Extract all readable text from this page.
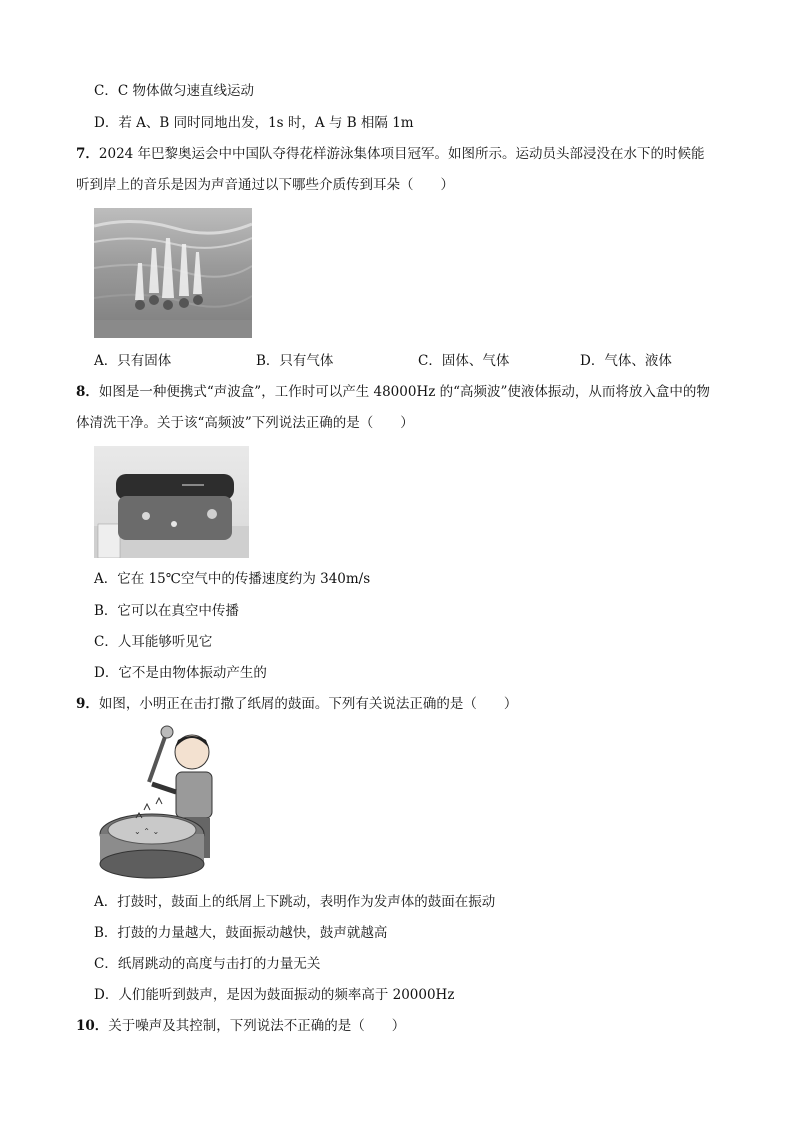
C．C 物体做匀速直线运动
D．若 A、B 同时同地出发，1s 时，A 与 B 相隔 1m
7．2024 年巴黎奥运会中中国队夺得花样游泳集体项目冠军。如图所示。运动员头部浸没在水下的时候能
听到岸上的音乐是因为声音通过以下哪些介质传到耳朵（　　）
A．只有固体	B．只有气体	C．固体、气体	D．气体、液体
8．如图是一种便携式“声波盒”，工作时可以产生 48000Hz 的“高频波”使液体振动，从而将放入盒中的物
体清洗干净。关于该“高频波”下列说法正确的是（　　）
A．它在 15℃空气中的传播速度约为 340m/s
B．它可以在真空中传播
C．人耳能够听见它
D．它不是由物体振动产生的
9．如图，小明正在击打撒了纸屑的鼓面。下列有关说法正确的是（　　）
⌄ ⌃ ⌄
A．打鼓时，鼓面上的纸屑上下跳动，表明作为发声体的鼓面在振动
B．打鼓的力量越大，鼓面振动越快，鼓声就越高
C．纸屑跳动的高度与击打的力量无关
D．人们能听到鼓声，是因为鼓面振动的频率高于 20000Hz
10．关于噪声及其控制，下列说法不正确的是（　　）
